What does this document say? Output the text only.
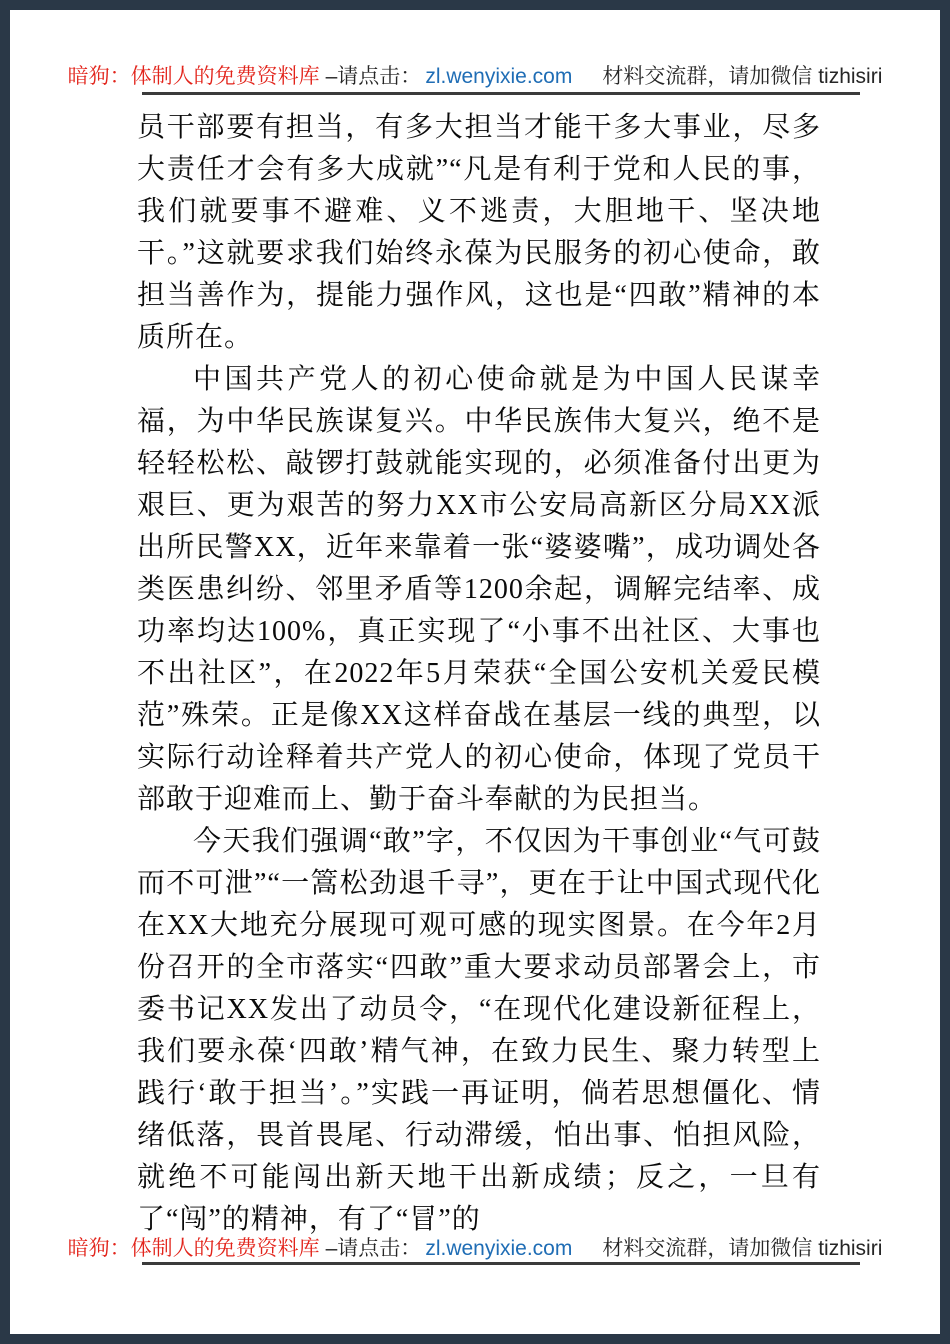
暗狗：体制人的免费资料库 –请点击： zl.wenyixie.com 材料交流群，请加微信 tizhisiri

员干部要有担当，有多大担当才能干多大事业，尽多大责任才会有多大成就”“凡是有利于党和人民的事，我们就要事不避难、义不逃责，大胆地干、坚决地干。”这就要求我们始终永葆为民服务的初心使命，敢担当善作为，提能力强作风，这也是“四敢”精神的本质所在。

中国共产党人的初心使命就是为中国人民谋幸福，为中华民族谋复兴。中华民族伟大复兴，绝不是轻轻松松、敲锣打鼓就能实现的，必须准备付出更为艰巨、更为艰苦的努力XX市公安局高新区分局XX派出所民警XX，近年来靠着一张“婆婆嘴”，成功调处各类医患纠纷、邻里矛盾等1200余起，调解完结率、成功率均达100%，真正实现了“小事不出社区、大事也不出社区”，在2022年5月荣获“全国公安机关爱民模范”殊荣。正是像XX这样奋战在基层一线的典型，以实际行动诠释着共产党人的初心使命，体现了党员干部敢于迎难而上、勤于奋斗奉献的为民担当。

今天我们强调“敢”字，不仅因为干事创业“气可鼓而不可泄”“一篙松劲退千寻”，更在于让中国式现代化在XX大地充分展现可观可感的现实图景。在今年2月份召开的全市落实“四敢”重大要求动员部署会上，市委书记XX发出了动员令，“在现代化建设新征程上，我们要永葆‘四敢’精气神，在致力民生、聚力转型上践行‘敢于担当’。”实践一再证明，倘若思想僵化、情绪低落，畏首畏尾、行动滞缓，怕出事、怕担风险，就绝不可能闯出新天地干出新成绩；反之，一旦有了“闯”的精神，有了“冒”的

暗狗：体制人的免费资料库 –请点击： zl.wenyixie.com 材料交流群，请加微信 tizhisiri
